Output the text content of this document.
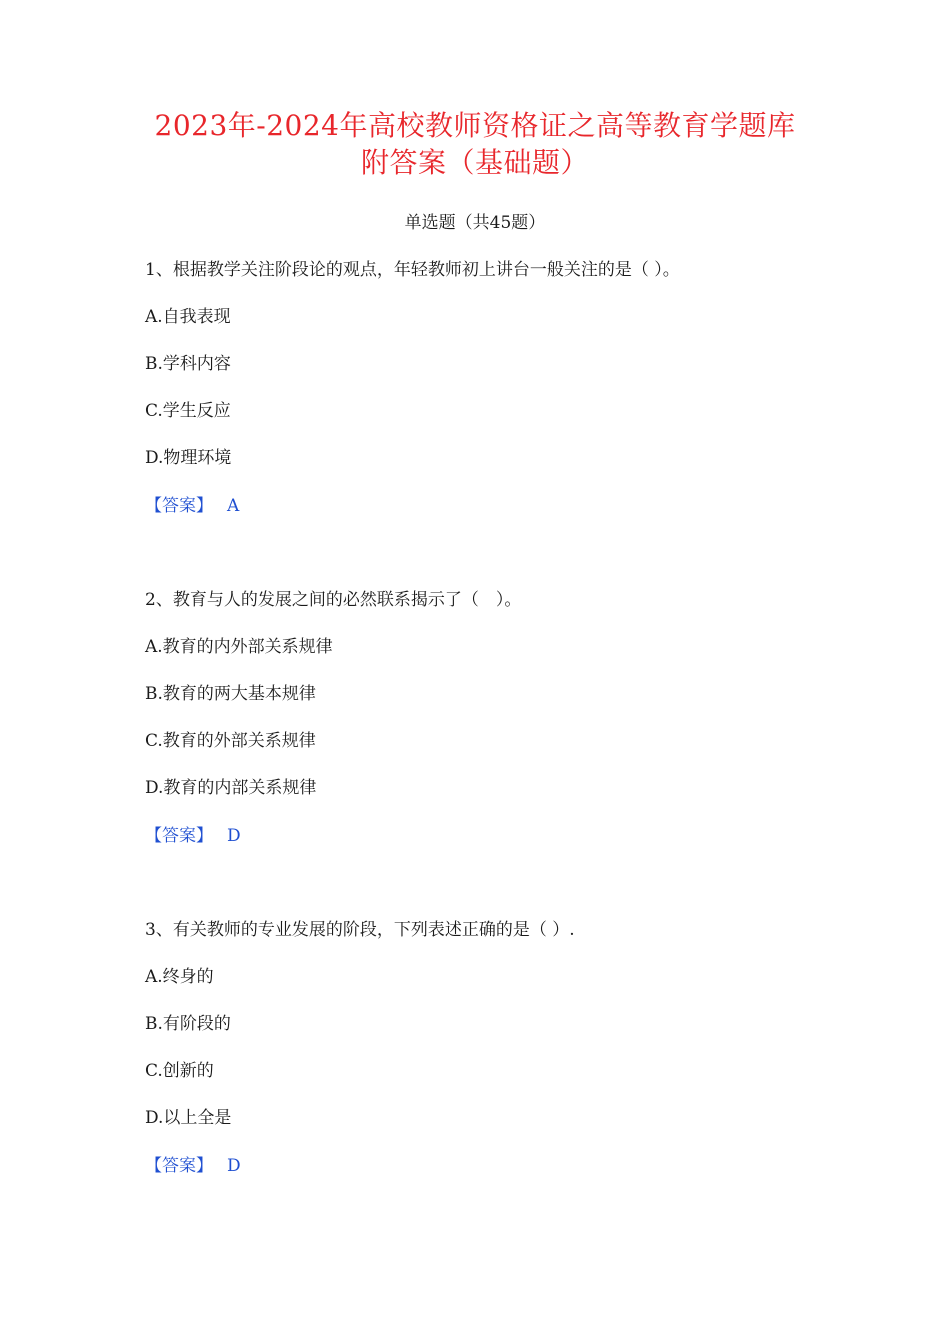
2023年-2024年高校教师资格证之高等教育学题库
附答案（基础题）
单选题（共45题）
1、根据教学关注阶段论的观点，年轻教师初上讲台一般关注的是（ ）。
A.自我表现
B.学科内容
C.学生反应
D.物理环境
【答案】 A
2、教育与人的发展之间的必然联系揭示了（　）。
A.教育的内外部关系规律
B.教育的两大基本规律
C.教育的外部关系规律
D.教育的内部关系规律
【答案】 D
3、有关教师的专业发展的阶段，下列表述正确的是（ ）.
A.终身的
B.有阶段的
C.创新的
D.以上全是
【答案】 D
